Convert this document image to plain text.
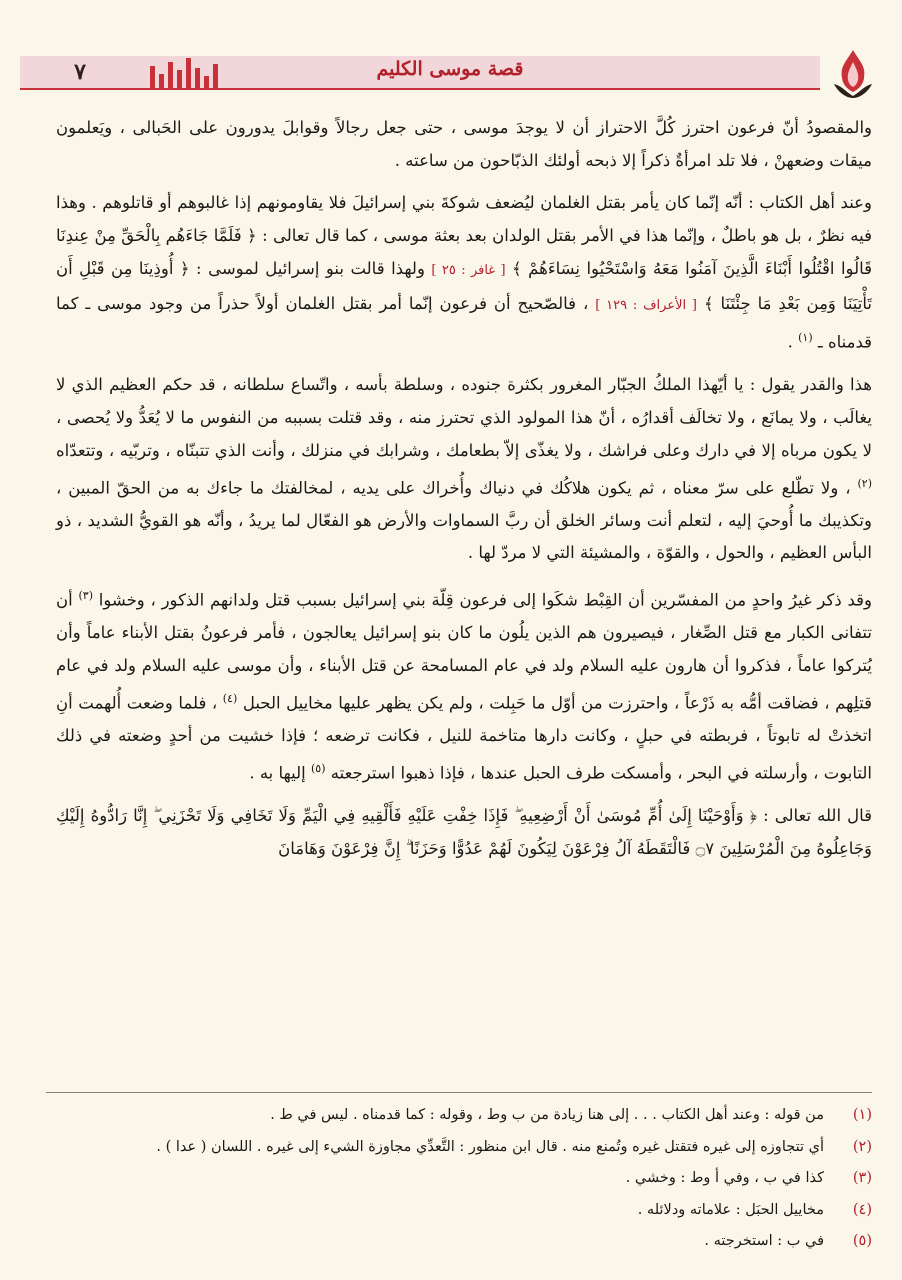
٧	قصة موسى الكليم

والمقصودُ أنّ فرعون احترز كُلَّ الاحتراز أن لا يوجدَ موسى ، حتى جعل رجالاً وقوابلَ يدورون على الحَبالى ، ويَعلمون ميقات وضعهنْ ، فلا تلد امرأةٌ ذكراً إلا ذبحه أولئك الذبّاحون من ساعته .

وعند أهل الكتاب : أنّه إنّما كان يأمر بقتل الغلمان ليُضعف شوكةَ بني إسرائيلَ فلا يقاومونهم إذا غالبوهم أو قاتلوهم . وهذا فيه نظرٌ ، بل هو باطلٌ ، وإنّما هذا في الأمر بقتل الولدان بعد بعثة موسى ، كما قال تعالى : ﴿ فَلَمَّا جَاءَهُم بِالْحَقِّ مِنْ عِندِنَا قَالُوا اقْتُلُوا أَبْنَاءَ الَّذِينَ آمَنُوا مَعَهُ وَاسْتَحْيُوا نِسَاءَهُمْ ﴾ [ غافر : ٢٥ ] ولهذا قالت بنو إسرائيل لموسى : ﴿ أُوذِينَا مِن قَبْلِ أَن تَأْتِيَنَا وَمِن بَعْدِ مَا جِئْتَنَا ﴾ [ الأعراف : ١٢٩ ] ، فالصّحيح أن فرعون إنّما أمر بقتل الغلمان أولاً حذراً من وجود موسى ـ كما قدمناه ـ $^{(١)}$ .

هذا والقدر يقول : يا أيّهذا الملكُ الجبّار المغرور بكثرة جنوده ، وسلطة بأسه ، واتّساع سلطانه ، قد حكم العظيم الذي لا يغالَب ، ولا يمانَع ، ولا تخالَف أقدارُه ، أنّ هذا المولود الذي تحترز منه ، وقد قتلت بسببه من النفوس ما لا يُعَدُّ ولا يُحصى ، لا يكون مرباه إلا في دارك وعلى فراشك ، ولا يغذّى إلاّ بطعامك ، وشرابك في منزلك ، وأنت الذي تتبنّاه ، وتربّيه ، وتتعدّاه $^{(٢)}$ ، ولا تطّلع على سرّ معناه ، ثم يكون هلاكُك في دنياك وأُخراك على يديه ، لمخالفتك ما جاءك به من الحقّ المبين ، وتكذيبك ما أُوحيَ إليه ، لتعلم أنت وسائر الخلق أن ربَّ السماوات والأرض هو الفعّال لما يريدُ ، وأنّه هو القويُّ الشديد ، ذو البأس العظيم ، والحول ، والقوّة ، والمشيئة التي لا مردّ لها .

وقد ذكر غيرُ واحدٍ من المفسّرين أن القِبْط شكَوا إلى فرعون قِلّة بني إسرائيل بسبب قتل ولدانهم الذكور ، وخشوا $^{(٣)}$ أن تتفانى الكبار مع قتل الصِّغار ، فيصيرون هم الذين يلُون ما كان بنو إسرائيل يعالجون ، فأمر فرعونُ بقتل الأبناء عاماً وأن يُتركوا عاماً ، فذكروا أن هارون عليه السلام ولد في عام المسامحة عن قتل الأبناء ، وأن موسى عليه السلام ولد في عام قتلِهم ، فضاقت أمُّه به ذَرْعاً ، واحترزت من أوّل ما حَبِلت ، ولم يكن يظهر عليها مخاييل الحبل $^{(٤)}$ ، فلما وضعت أُلهمت أنِ اتخذتْ له تابوتاً ، فربطته في حبلٍ ، وكانت دارها متاخمة للنيل ، فكانت ترضعه ؛ فإذا خشيت من أحدٍ وضعته في ذلك التابوت ، وأرسلته في البحر ، وأمسكت طرف الحبل عندها ، فإذا ذهبوا استرجعته $^{(٥)}$ إليها به .

قال الله تعالى : ﴿ وَأَوْحَيْنَا إِلَىٰ أُمِّ مُوسَىٰ أَنْ أَرْضِعِيهِ ۖ فَإِذَا خِفْتِ عَلَيْهِ فَأَلْقِيهِ فِي الْيَمِّ وَلَا تَخَافِي وَلَا تَحْزَنِي ۖ إِنَّا رَادُّوهُ إِلَيْكِ وَجَاعِلُوهُ مِنَ الْمُرْسَلِينَ ۝٧ فَالْتَقَطَهُ آلُ فِرْعَوْنَ لِيَكُونَ لَهُمْ عَدُوًّا وَحَزَنًا ۗ إِنَّ فِرْعَوْنَ وَهَامَانَ

(١)
من قوله : وعند أهل الكتاب . . . إلى هنا زيادة من ب وط ، وقوله : كما قدمناه . ليس في ط .
(٢)
أي تتجاوزه إلى غيره فتقتل غيره وتُمنع منه . قال ابن منظور : التَّعدِّي مجاوزة الشيء إلى غيره . اللسان ( عدا ) .
(٣)
كذا في ب ، وفي أ وط : وخشي .
(٤)
مخاييل الحبَل : علاماته ودلائله .
(٥)
في ب : استخرجته .
